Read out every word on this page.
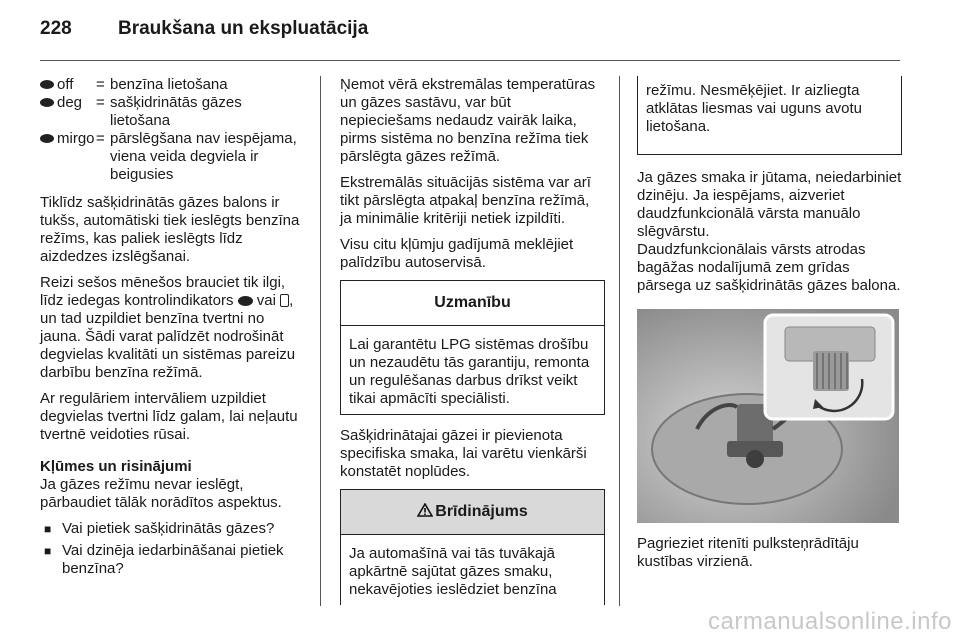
228 Braukšana un ekspluatācija
off	= benzīna lietošana
deg = sašķidrinātās gāzes lietošana
mirgo = pārslēgšana nav iespējama, viena veida degviela ir beigusies

Tiklīdz sašķidrinātās gāzes balons ir tukšs, automātiski tiek ieslēgts benzīna režīms, kas paliek ieslēgts līdz aizdedzes izslēgšanai.

Reizi sešos mēnešos brauciet tik ilgi, līdz iedegas kontrolindikators vai , un tad uzpildiet benzīna tvertni no jauna. Šādi varat palīdzēt nodrošināt degvielas kvalitāti un sistēmas pareizu darbību benzīna režīmā.

Ar regulāriem intervāliem uzpildiet degvielas tvertni līdz galam, lai neļautu tvertnē veidoties rūsai.

Kļūmes un risinājumi

Ja gāzes režīmu nevar ieslēgt, pārbaudiet tālāk norādītos aspektus.

■ Vai pietiek sašķidrinātās gāzes?
■ Vai dzinēja iedarbināšanai pietiek benzīna?

Ņemot vērā ekstremālas temperatūras un gāzes sastāvu, var būt nepieciešams nedaudz vairāk laika, pirms sistēma no benzīna režīma tiek pārslēgta gāzes režīmā.

Ekstremālās situācijās sistēma var arī tikt pārslēgta atpakaļ benzīna režīmā, ja minimālie kritēriji netiek izpildīti.

Visu citu kļūmju gadījumā meklējiet palīdzību autoservisā.

Uzmanību

Lai garantētu LPG sistēmas drošību un nezaudētu tās garantiju, remonta un regulēšanas darbus drīkst veikt tikai apmācīti speciālisti.

Sašķidrinātajai gāzei ir pievienota specifiska smaka, lai varētu vienkārši konstatēt noplūdes.

Brīdinājums

Ja automašīnā vai tās tuvākajā apkārtnē sajūtat gāzes smaku, nekavējoties ieslēdziet benzīna

režīmu. Nesmēķējiet. Ir aizliegta atklātas liesmas vai uguns avotu lietošana.

Ja gāzes smaka ir jūtama, neiedarbiniet dzinēju. Ja iespējams, aizveriet daudzfunkcionālā vārsta manuālo slēgvārstu.

Daudzfunkcionālais vārsts atrodas bagāžas nodalījumā zem grīdas pārsega uz sašķidrinātās gāzes balona.

Pagrieziet ritenīti pulksteņrādītāju kustības virzienā.

carmanualsonline.info
